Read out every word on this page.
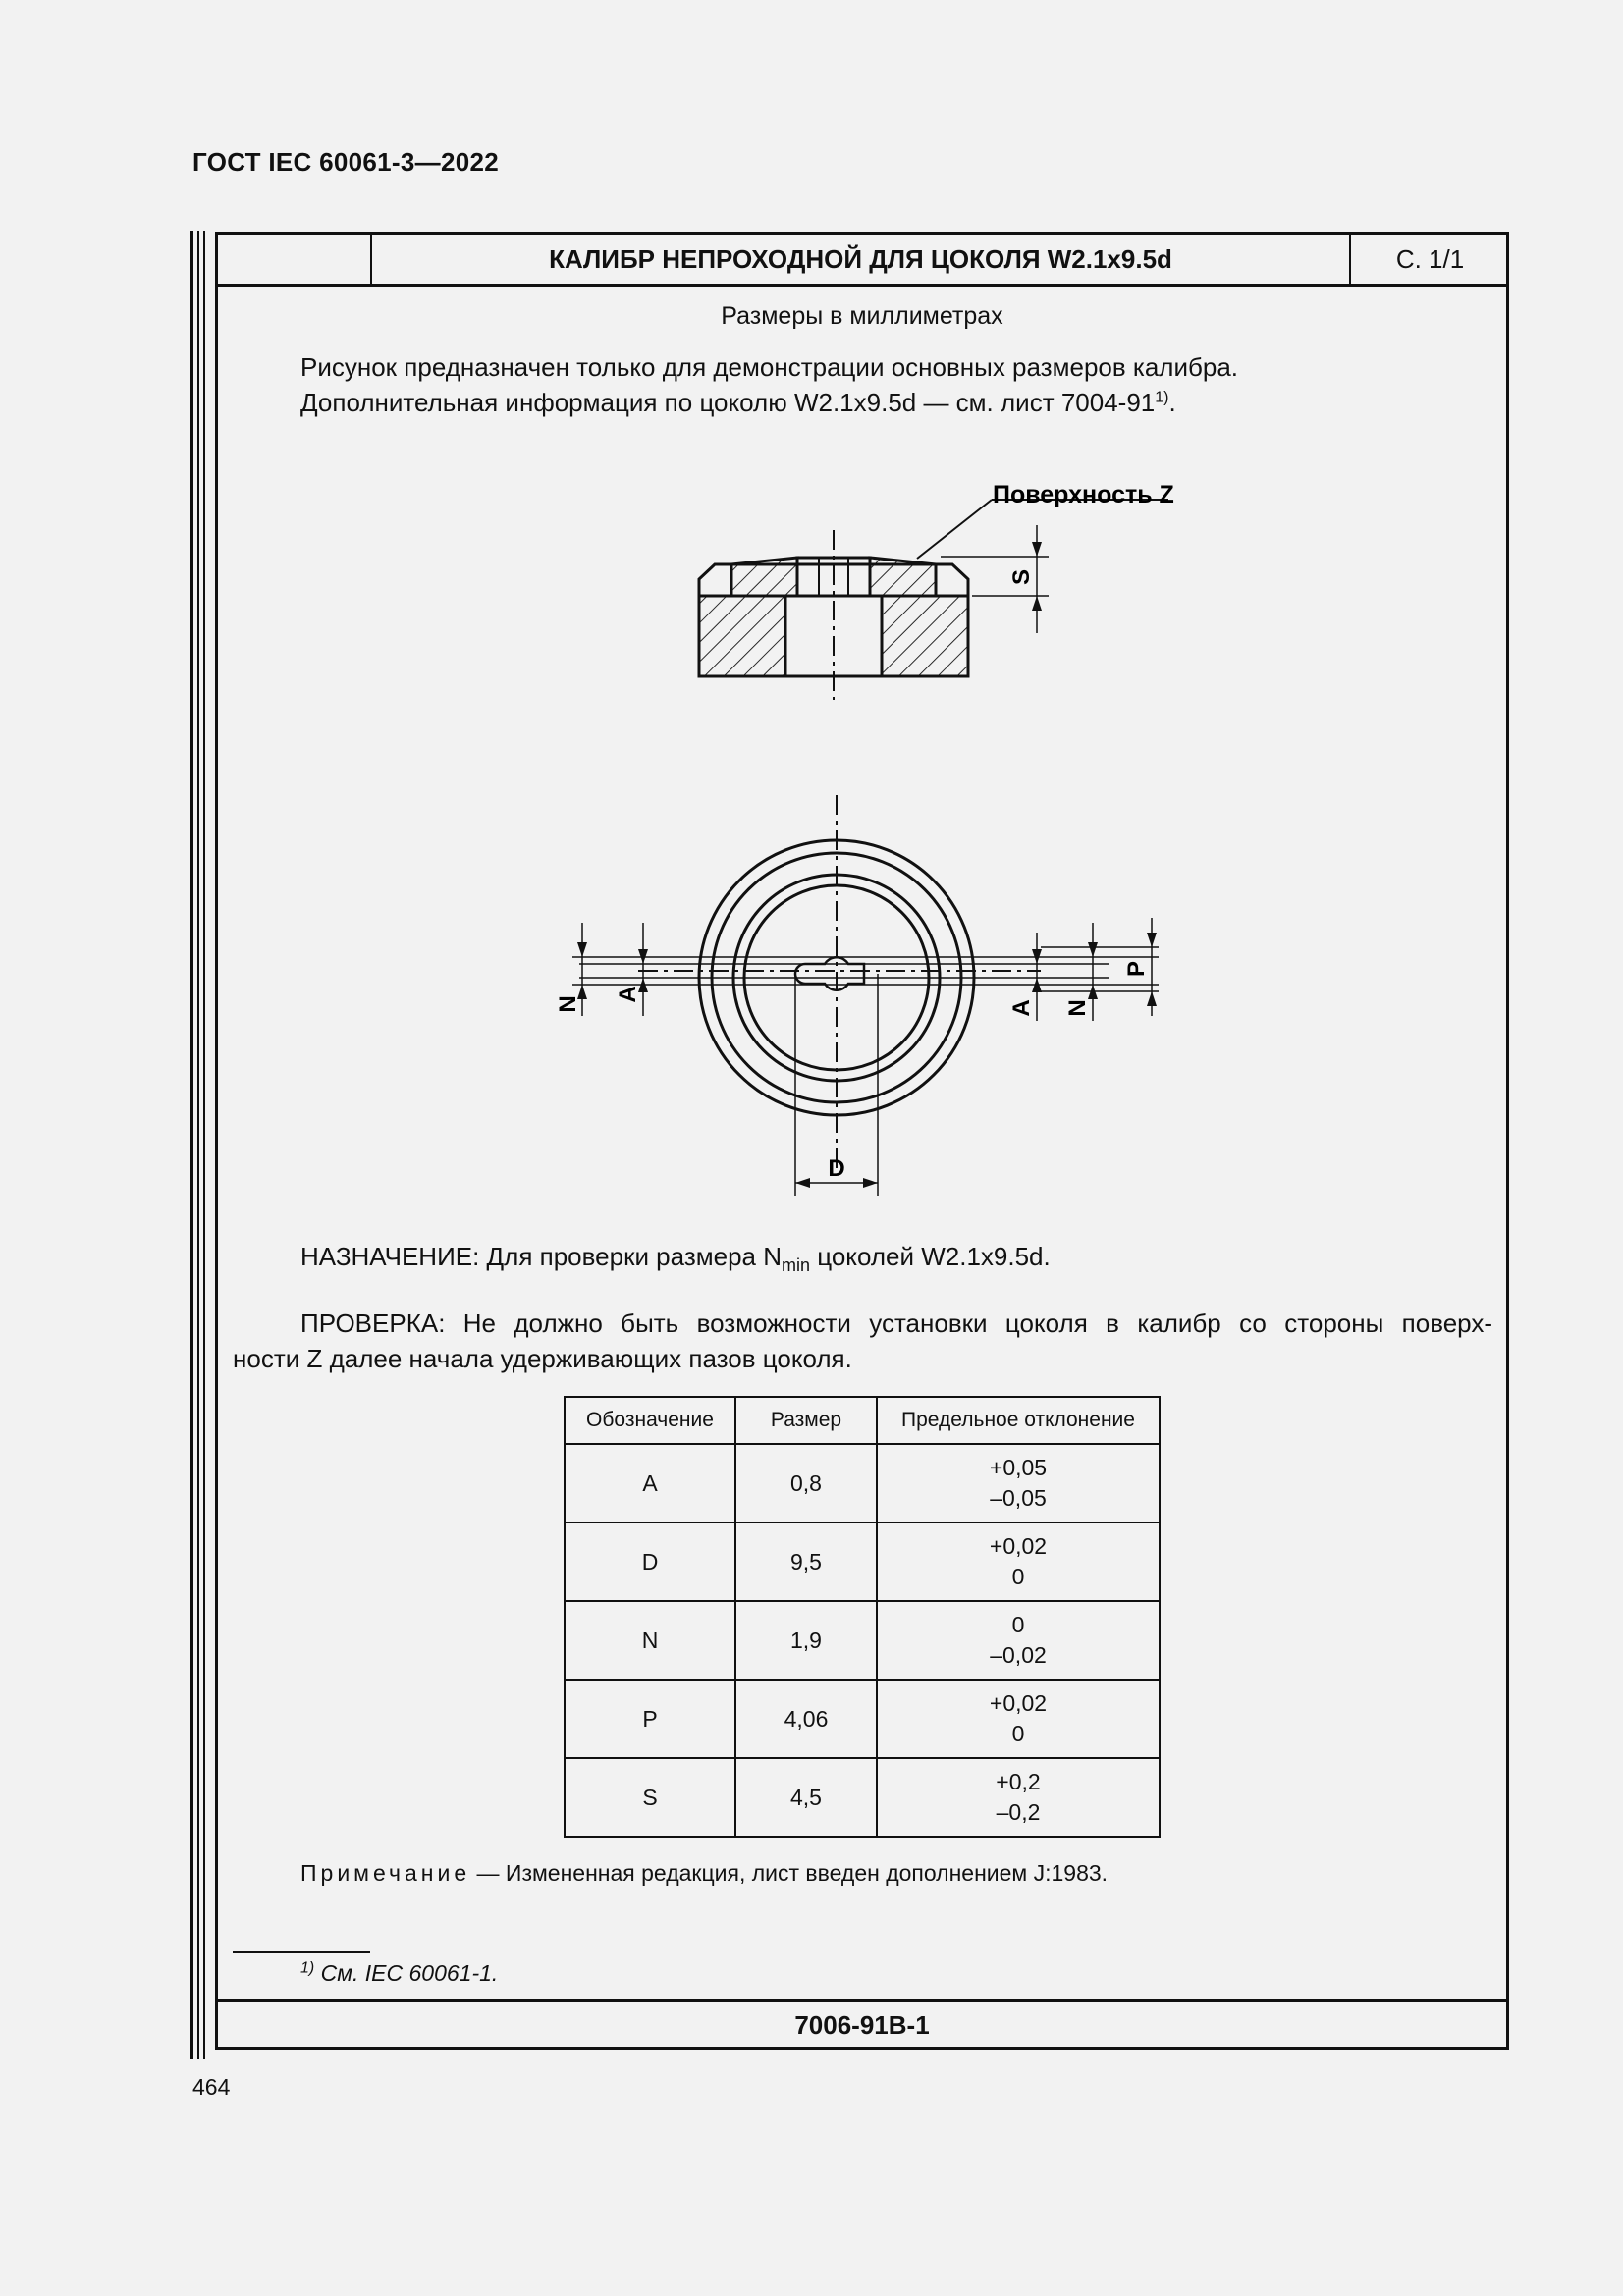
ГОСТ IEC 60061-3—2022
КАЛИБР НЕПРОХОДНОЙ ДЛЯ ЦОКОЛЯ W2.1x9.5d	С. 1/1
Размеры в миллиметрах
Рисунок предназначен только для демонстрации основных размеров калибра.
Дополнительная информация по цоколю W2.1x9.5d — см. лист 7004-91$^{1)}$.
Поверхность Z
S
N
A
A N
P
D
НАЗНАЧЕНИЕ: Для проверки размера $N_{min}$ цоколей W2.1x9.5d.
ПРОВЕРКА: Не должно быть возможности установки цоколя в калибр со стороны поверх-
ности Z далее начала удерживающих пазов цоколя.
Обозначение	Размер	Предельное отклонение
A	0,8	+0,05
–0,05

D	9,5	+0,02
0

N	1,9	0
–0,02

P	4,06	+0,02
0

S	4,5	+0,2
–0,2
Примечание — Измененная редакция, лист введен дополнением J:1983.
$^{1)}$ См. IEC 60061-1.
7006-91B-1
464
